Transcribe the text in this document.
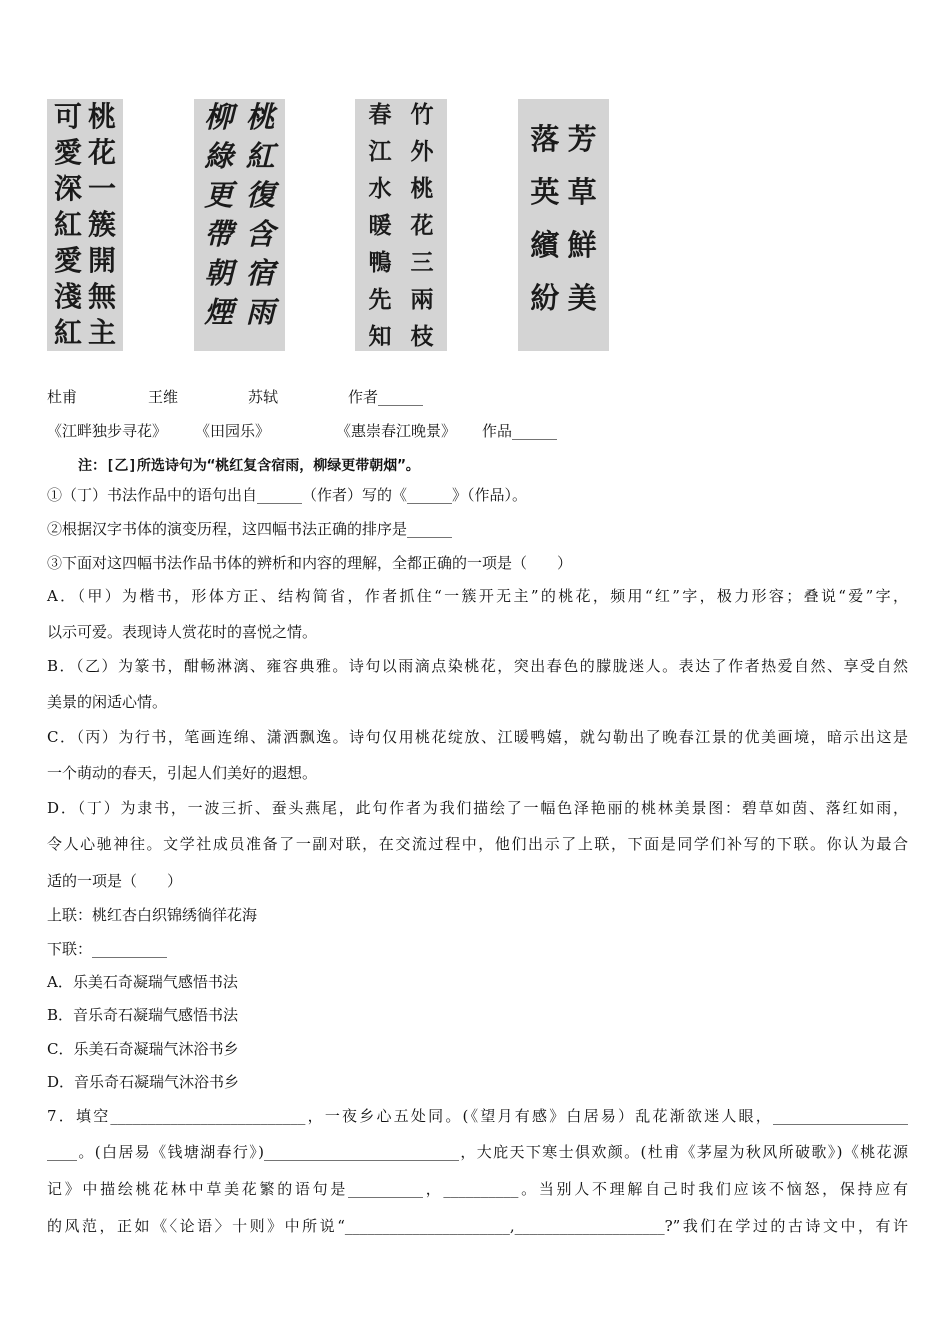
桃
花
一
簇
開
無
主
可
愛
深
紅
愛
淺
紅
桃
紅
復
含
宿
雨
柳
綠
更
帶
朝
煙
竹
外
桃
花
三
兩
枝
春
江
水
暖
鴨
先
知
芳
草
鮮
美
落
英
繽
紛
杜甫	王维	苏轼	作者______
《江畔独步寻花》 《田园乐》	《惠崇春江晚景》 作品______
注：[乙]所选诗句为“桃红复含宿雨，柳绿更带朝烟”。
①（丁）书法作品中的语句出自______（作者）写的《______》（作品）。
②根据汉字书体的演变历程，这四幅书法正确的排序是______
③下面对这四幅书法作品书体的辨析和内容的理解，全都正确的一项是（　　）
A．（甲）为楷书，形体方正、结构简省，作者抓住“一簇开无主”的桃花，频用“红”字，极力形容；叠说“爱”字，
以示可爱。表现诗人赏花时的喜悦之情。
B．（乙）为篆书，酣畅淋漓、雍容典雅。诗句以雨滴点染桃花，突出春色的朦胧迷人。表达了作者热爱自然、享受自然
美景的闲适心情。
C．（丙）为行书，笔画连绵、潇洒飘逸。诗句仅用桃花绽放、江暖鸭嬉，就勾勒出了晚春江景的优美画境，暗示出这是
一个萌动的春天，引起人们美好的遐想。
D．（丁）为隶书，一波三折、蚕头燕尾，此句作者为我们描绘了一幅色泽艳丽的桃林美景图：碧草如茵、落红如雨，
令人心驰神往。文学社成员准备了一副对联，在交流过程中，他们出示了上联，下面是同学们补写的下联。你认为最合
适的一项是（　　）
上联：桃红杏白织锦绣徜徉花海
下联：__________
A．乐美石奇凝瑞气感悟书法
B．音乐奇石凝瑞气感悟书法
C．乐美石奇凝瑞气沐浴书乡
D．音乐奇石凝瑞气沐浴书乡
7．填空__________________________，一夜乡心五处同。(《望月有感》白居易）乱花渐欲迷人眼，__________________
____。(白居易《钱塘湖春行》)__________________________，大庇天下寒士俱欢颜。(杜甫《茅屋为秋风所破歌》)《桃花源
记》中描绘桃花林中草美花繁的语句是__________，__________。当别人不理解自己时我们应该不恼怒，保持应有
的风范，正如《〈论语〉十则》中所说“______________________,____________________?”我们在学过的古诗文中，有许
